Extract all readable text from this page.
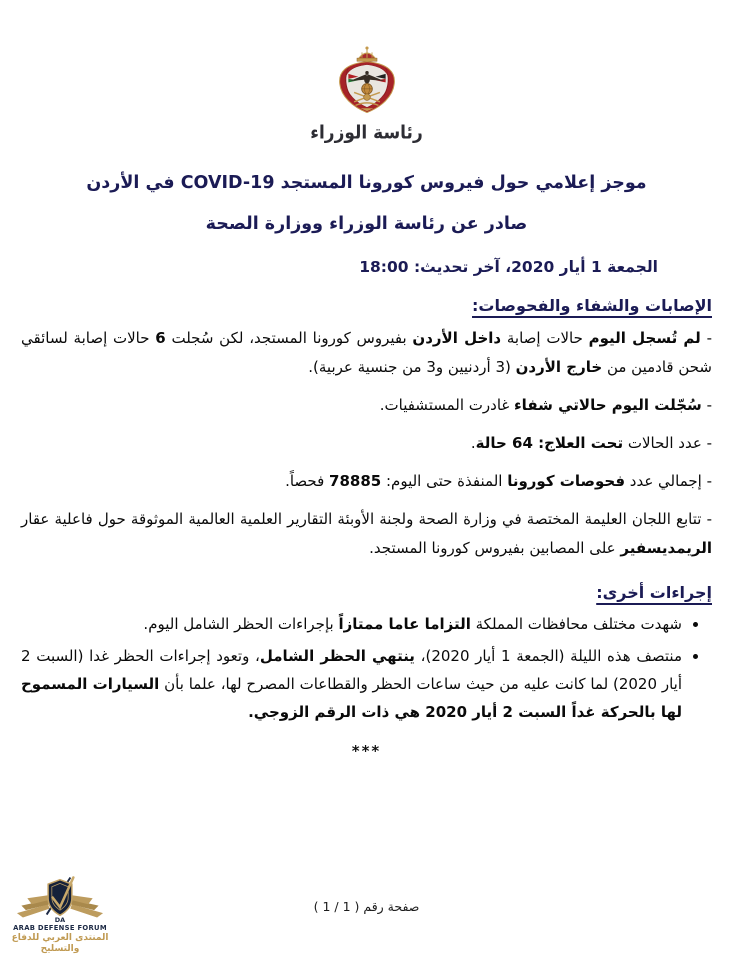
رئاسة الوزراء
موجز إعلامي حول فيروس كورونا المستجد COVID-19 في الأردن
صادر عن رئاسة الوزراء ووزارة الصحة
الجمعة 1 أيار 2020، آخر تحديث: 18:00
الإصابات والشفاء والفحوصات:

- لم تُسجل اليوم حالات إصابة داخل الأردن بفيروس كورونا المستجد، لكن سُجلت 6 حالات إصابة لسائقي شحن قادمين من خارج الأردن (3 أردنيين و3 من جنسية عربية).

- سُجّلت اليوم حالاتي شفاء غادرت المستشفيات.

- عدد الحالات تحت العلاج: 64 حالة.

- إجمالي عدد فحوصات كورونا المنفذة حتى اليوم: 78885 فحصاً.

- تتابع اللجان العليمة المختصة في وزارة الصحة ولجنة الأوبئة التقارير العلمية العالمية الموثوقة حول فاعلية عقار الريمديسفير على المصابين بفيروس كورونا المستجد.

إجراءات أخرى:
• شهدت مختلف محافظات المملكة التزاما عاما ممتازاً بإجراءات الحظر الشامل اليوم.
• منتصف هذه الليلة (الجمعة 1 أيار 2020)، ينتهي الحظر الشامل، وتعود إجراءات الحظر غدا (السبت 2 أيار 2020) لما كانت عليه من حيث ساعات الحظر والقطاعات المصرح لها، علما بأن السيارات المسموح لها بالحركة غداً السبت 2 أيار 2020 هي ذات الرقم الزوجي.
***
صفحة رقم ( 1 / 1 )
DA
ARAB DEFENSE FORUM
المنتدى العربي للدفاع والتسليح
